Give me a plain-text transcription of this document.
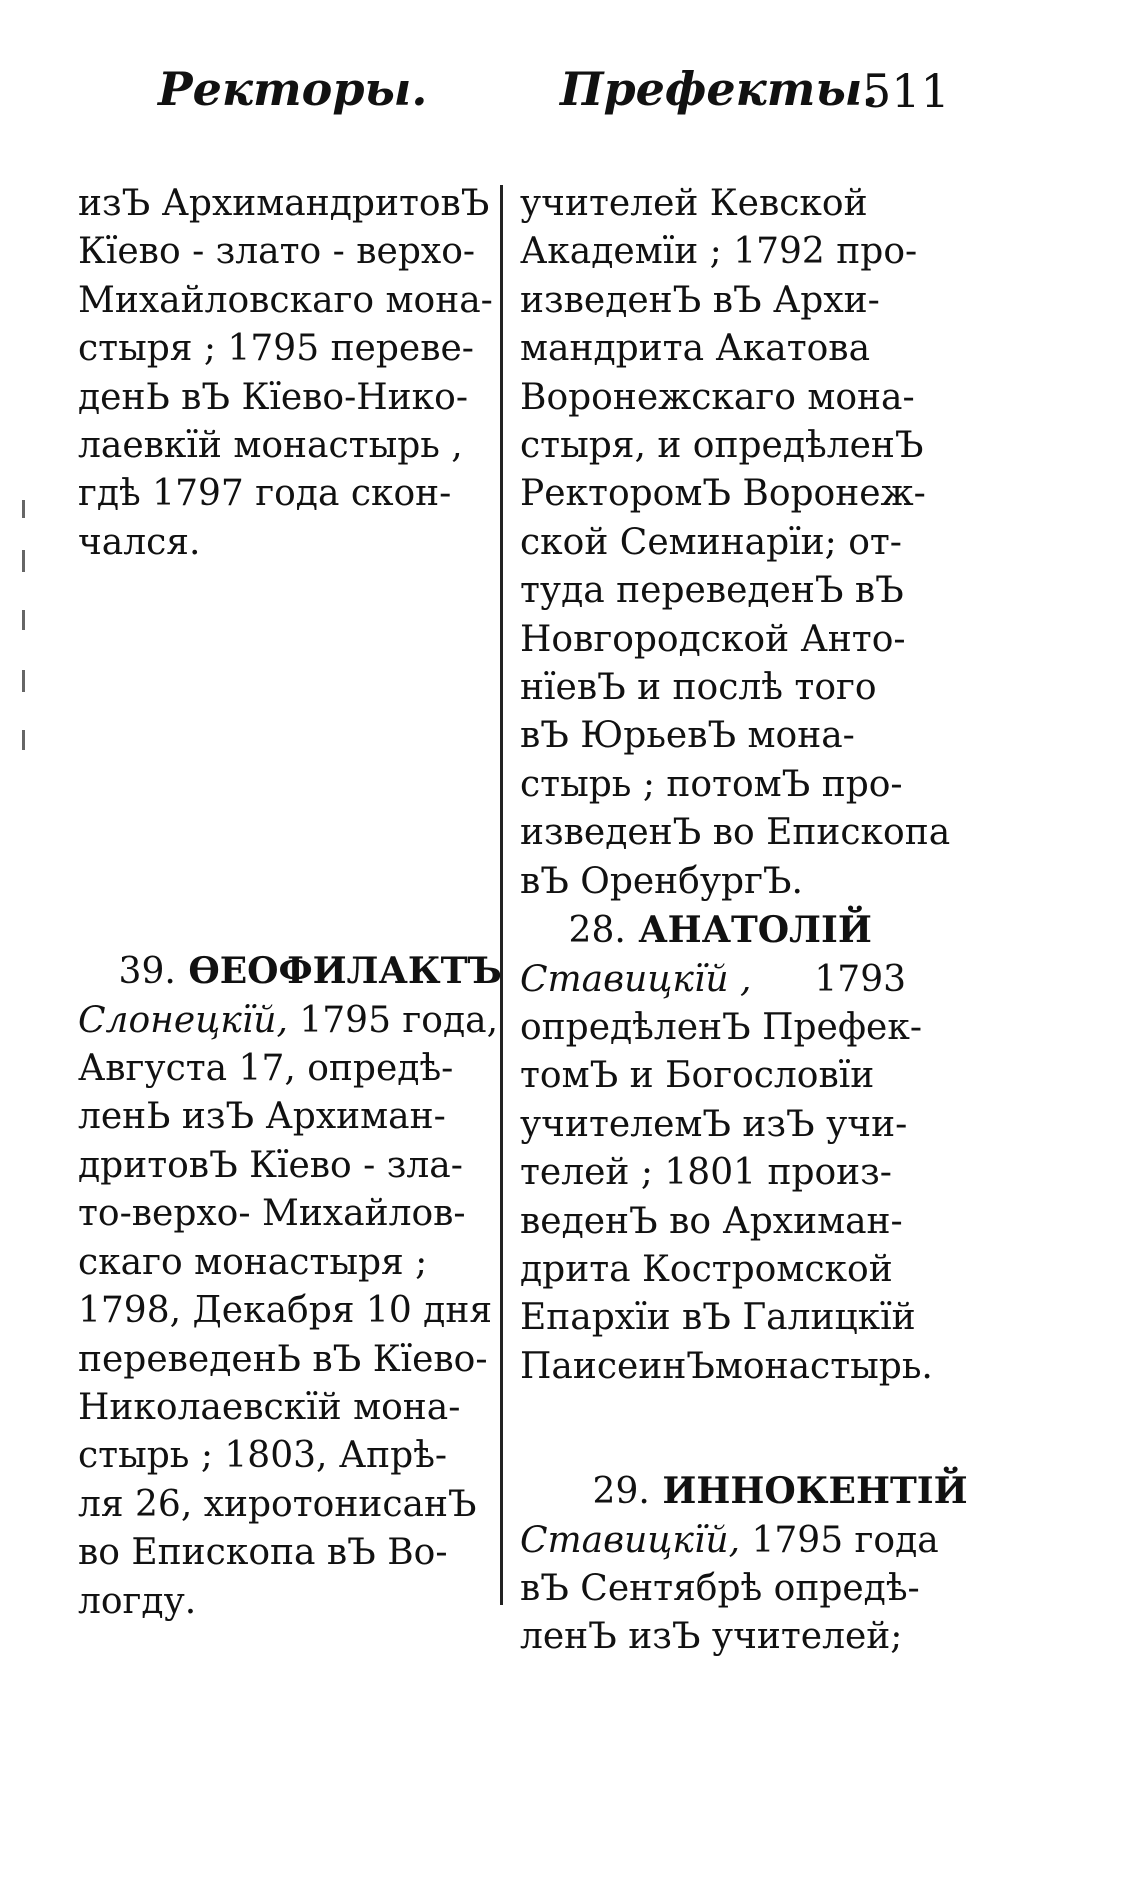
Ректоры.	Префекты.
511
изЪ АрхимандритовЪ
Кїево - злато - верхо-
Михайловскаго мона-
стыря ; 1795 переве-
денЬ вЪ Кїево-Нико-
лаевкїй монастырь ,
гдѣ 1797 года скон-
чался.
39. ѲЕОФИЛАКТЪ
Слонецкїй, 1795 года,
Августа 17, опредѣ-
ленЬ изЪ Архиман-
дритовЪ Кїево - зла-
то-верхо- Михайлов-
скаго монастыря ;
1798, Декабря 10 дня
переведенЬ вЪ Кїево-
Николаевскїй мона-
стырь ; 1803, Апрѣ-
ля 26, хиротонисанЪ
во Епископа вЪ Во-
логду.
учителей Кевской
Академїи ; 1792 про-
изведенЪ вЪ Архи-
мандрита Акатова
Воронежскаго мона-
стыря, и опредѣленЪ
РекторомЪ Воронеж-
ской Семинарїи; от-
туда переведенЪ вЪ
Новгородской Анто-
нїевЪ и послѣ того
вЪ ЮрьевЪ мона-
стырь ; потомЪ про-
изведенЪ во Епископа
вЪ ОренбургЪ.
28. АНАТОЛIЙ
Ставицкїй , 1793
опредѣленЪ Префек-
томЪ и Богословїи
учителемЪ изЪ учи-
телей ; 1801 произ-
веденЪ во Архиман-
дрита Костромской
Епархїи вЪ Галицкїй
ПаисеинЪмонастырь.
29. ИННОКЕНТIЙ
Ставицкїй, 1795 года
вЪ Сентябрѣ опредѣ-
ленЪ изЪ учителей;
